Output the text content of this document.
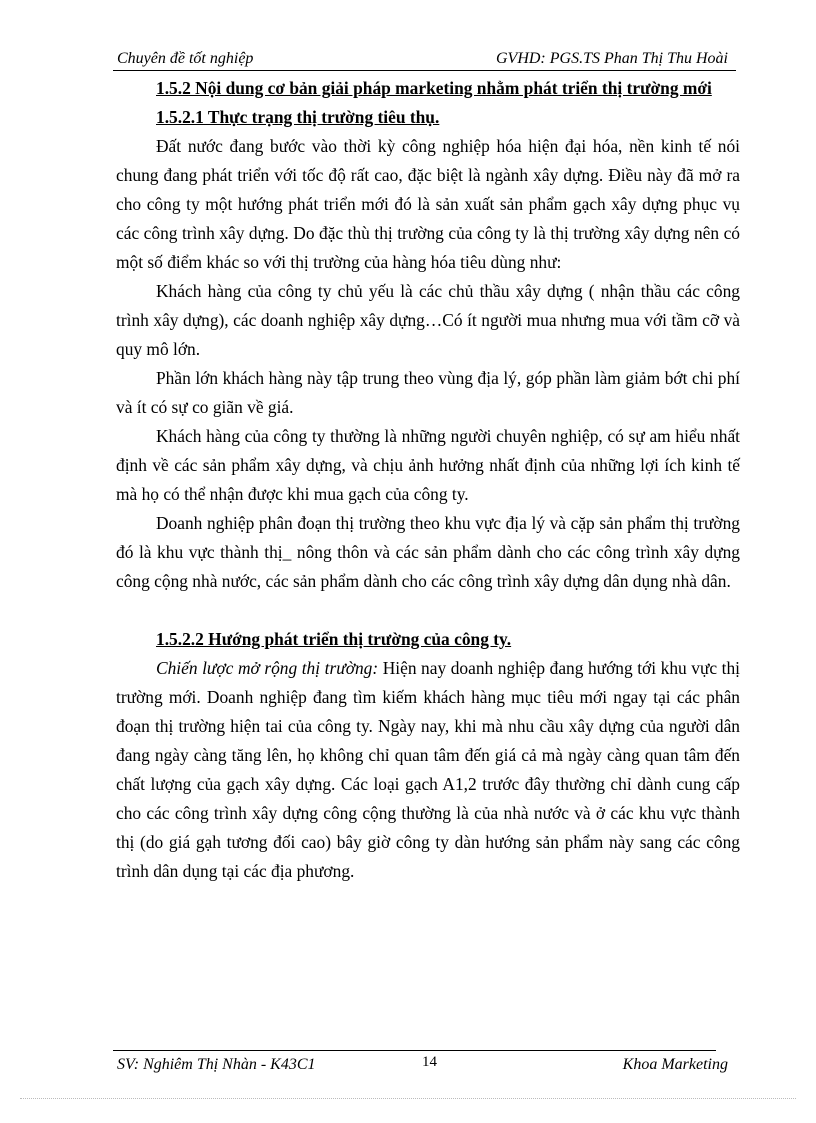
Chuyên đề tốt nghiệp	GVHD: PGS.TS Phan Thị Thu Hoài
1.5.2 Nội dung cơ bản giải pháp marketing nhằm phát triển thị trường mới
1.5.2.1 Thực trạng thị trường tiêu thụ.

Đất nước đang bước vào thời kỳ công nghiệp hóa hiện đại hóa, nền kinh tế nói chung đang phát triển với tốc độ rất cao, đặc biệt là ngành xây dựng. Điều này đã mở ra cho công ty một hướng phát triển mới đó là sản xuất sản phẩm gạch xây dựng phục vụ các công trình xây dựng. Do đặc thù thị trường của công ty là thị trường xây dựng nên có một số điểm khác so với thị trường của hàng hóa tiêu dùng như:

Khách hàng của công ty chủ yếu là các chủ thầu xây dựng ( nhận thầu các công trình xây dựng), các doanh nghiệp xây dựng…Có ít người mua nhưng mua với tầm cỡ và quy mô lớn.

Phần lớn khách hàng này tập trung theo vùng địa lý, góp phần làm giảm bớt chi phí và ít có sự co giãn về giá.

Khách hàng của công ty thường là những người chuyên nghiệp, có sự am hiểu nhất định về các sản phẩm xây dựng, và chịu ảnh hưởng nhất định của những lợi ích kinh tế mà họ có thể nhận được khi mua gạch của công ty.

Doanh nghiệp phân đoạn thị trường theo khu vực địa lý và cặp sản phẩm thị trường đó là khu vực thành thị_ nông thôn và các sản phẩm dành cho các công trình xây dựng công cộng nhà nước, các sản phẩm dành cho các công trình xây dựng dân dụng nhà dân.

1.5.2.2 Hướng phát triển thị trường của công ty.

Chiến lược mở rộng thị trường: Hiện nay doanh nghiệp đang hướng tới khu vực thị trường mới. Doanh nghiệp đang tìm kiếm khách hàng mục tiêu mới ngay tại các phân đoạn thị trường hiện tai của công ty. Ngày nay, khi mà nhu cầu xây dựng của người dân đang ngày càng tăng lên, họ không chỉ quan tâm đến giá cả mà ngày càng quan tâm đến chất lượng của gạch xây dựng. Các loại gạch A1,2 trước đây thường chỉ dành cung cấp cho các công trình xây dựng công cộng thường là của nhà nước và ở các khu vực thành thị (do giá gạh tương đối cao) bây giờ công ty dàn hướng sản phẩm này sang các công trình dân dụng tại các địa phương.

SV: Nghiêm Thị Nhàn - K43C1	14	Khoa Marketing
